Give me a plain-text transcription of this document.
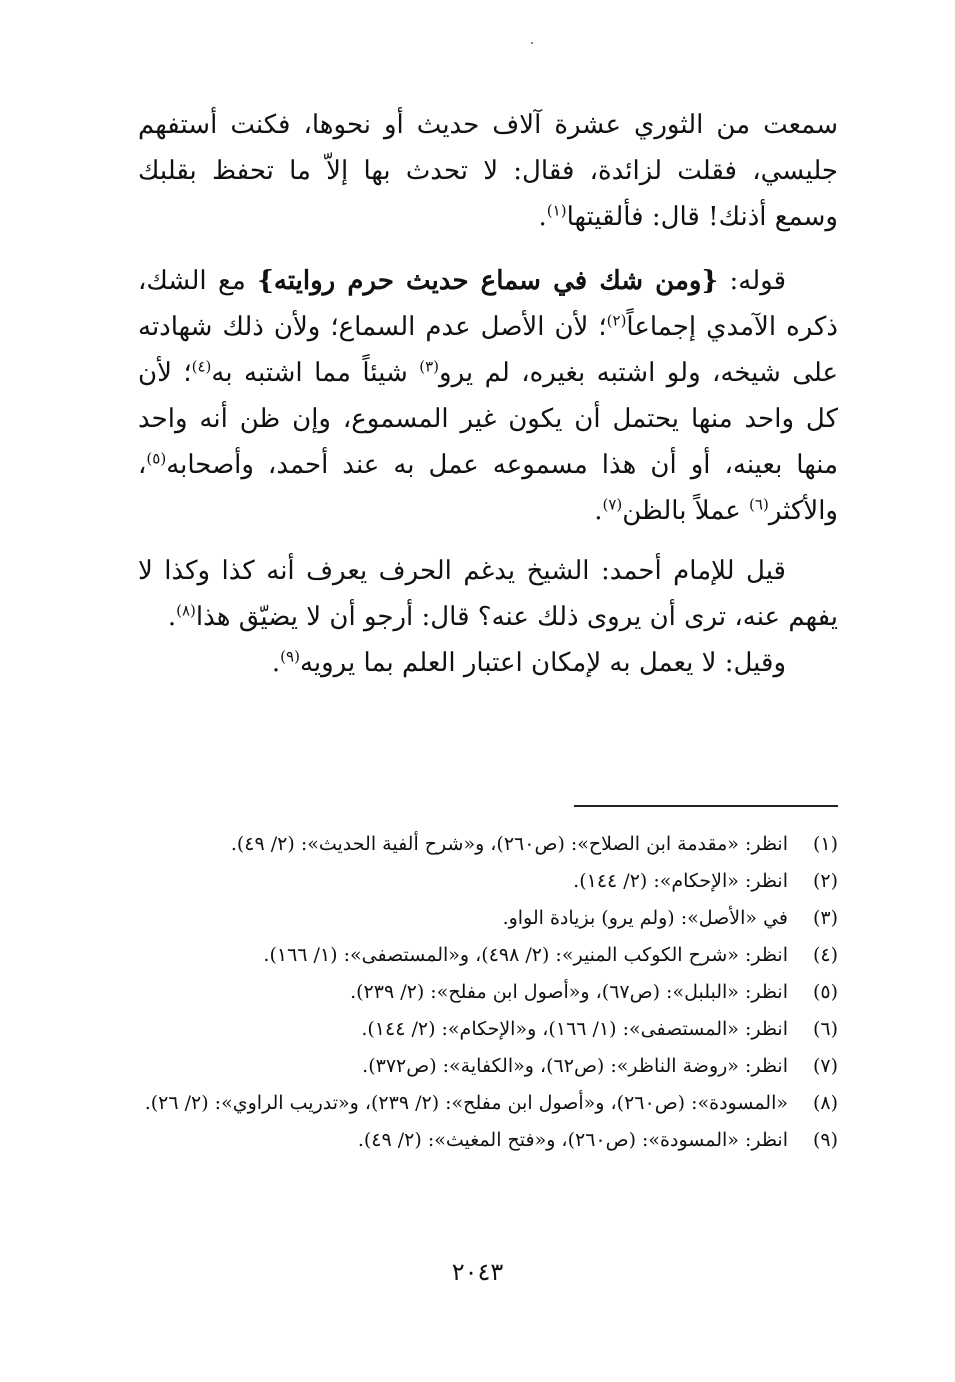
سمعت من الثوري عشرة آلاف حديث أو نحوها، فكنت أستفهم جليسي، فقلت لزائدة، فقال: لا تحدث بها إلاّ ما تحفظ بقلبك وسمع أذنك! قال: فألقيتها$^{(١)}$.

قوله: {ومن شك في سماع حديث حرم روايته} مع الشك، ذكره الآمدي إجماعاً$^{(٢)}$؛ لأن الأصل عدم السماع؛ ولأن ذلك شهادته على شيخه، ولو اشتبه بغيره، لم يرو$^{(٣)}$ شيئاً مما اشتبه به$^{(٤)}$؛ لأن كل واحد منها يحتمل أن يكون غير المسموع، وإن ظن أنه واحد منها بعينه، أو أن هذا مسموعه عمل به عند أحمد، وأصحابه$^{(٥)}$، والأكثر$^{(٦)}$ عملاً بالظن$^{(٧)}$.

قيل للإمام أحمد: الشيخ يدغم الحرف يعرف أنه كذا وكذا لا يفهم عنه، ترى أن يروى ذلك عنه؟ قال: أرجو أن لا يضيّق هذا$^{(٨)}$.

وقيل: لا يعمل به لإمكان اعتبار العلم بما يرويه$^{(٩)}$.

(١)
انظر: «مقدمة ابن الصلاح»: (ص٢٦٠)، و«شرح ألفية الحديث»: (٢/ ٤٩).
(٢)
انظر: «الإحكام»: (٢/ ١٤٤).
(٣)
في «الأصل»: (ولم يرو) بزيادة الواو.
(٤)
انظر: «شرح الكوكب المنير»: (٢/ ٤٩٨)، و«المستصفى»: (١/ ١٦٦).
(٥)
انظر: «البلبل»: (ص٦٧)، و«أصول ابن مفلح»: (٢/ ٢٣٩).
(٦)
انظر: «المستصفى»: (١/ ١٦٦)، و«الإحكام»: (٢/ ١٤٤).
(٧)
انظر: «روضة الناظر»: (ص٦٢)، و«الكفاية»: (ص٣٧٢).
(٨)
«المسودة»: (ص٢٦٠)، و«أصول ابن مفلح»: (٢/ ٢٣٩)، و«تدريب الراوي»: (٢/ ٢٦).
(٩)
انظر: «المسودة»: (ص٢٦٠)، و«فتح المغيث»: (٢/ ٤٩).
٢٠٤٣
